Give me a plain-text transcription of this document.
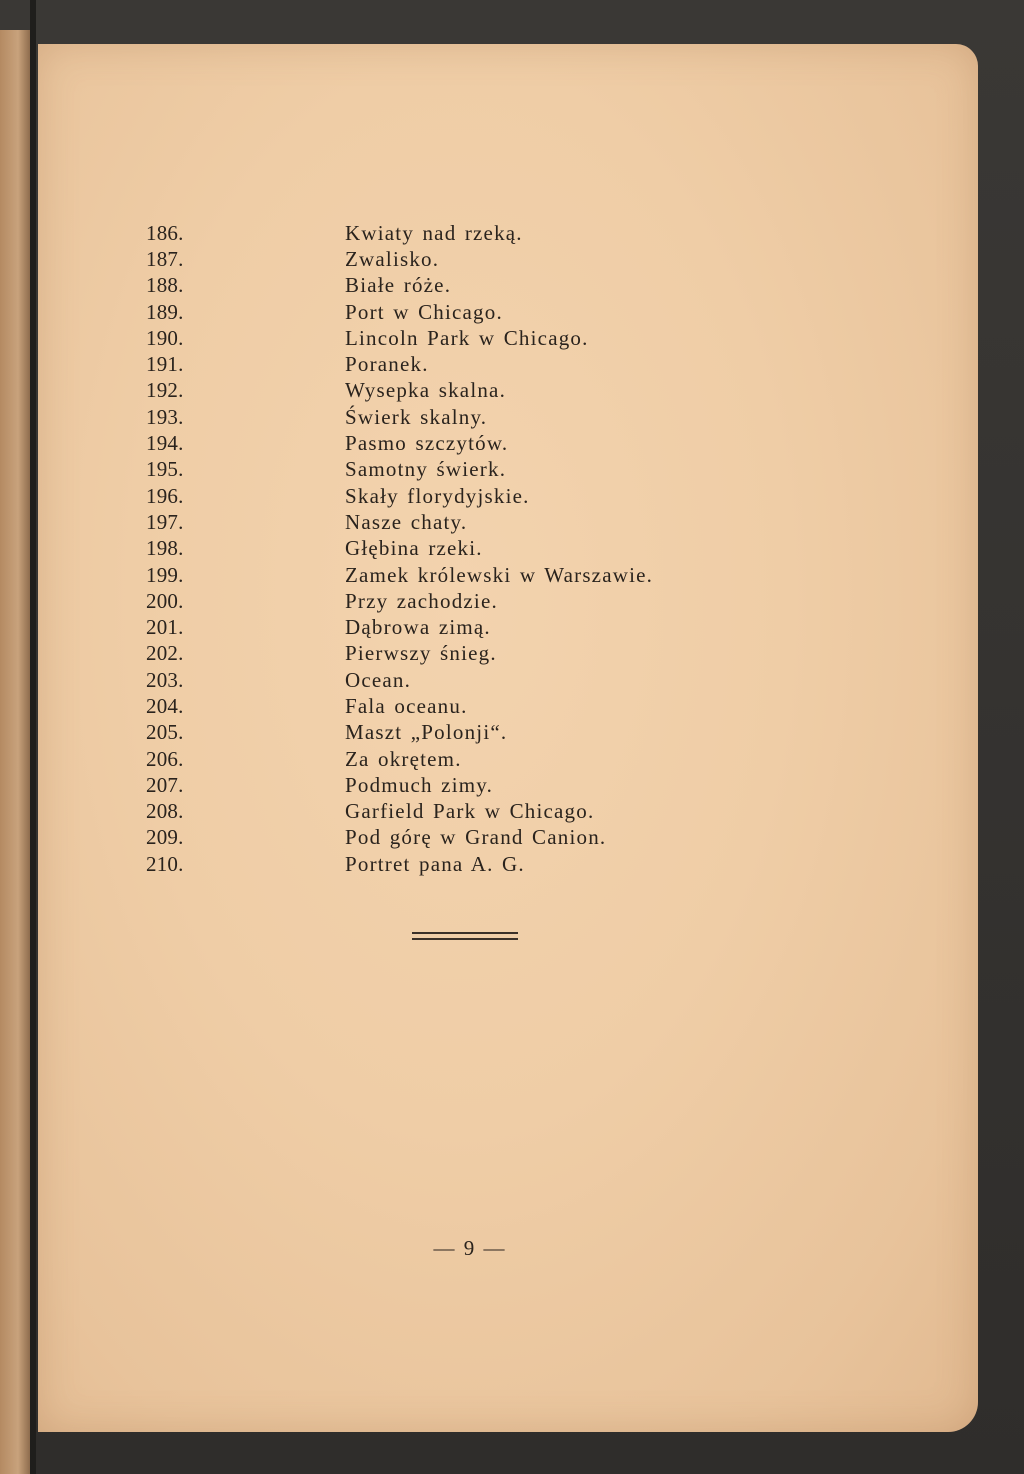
186.	Kwiaty nad rzeką.
187.	Zwalisko.
188.	Białe róże.
189.	Port w Chicago.
190.	Lincoln Park w Chicago.
191.	Poranek.
192.	Wysepka skalna.
193.	Świerk skalny.
194.	Pasmo szczytów.
195.	Samotny świerk.
196.	Skały florydyjskie.
197.	Nasze chaty.
198.	Głębina rzeki.
199.	Zamek królewski w Warszawie.
200.	Przy zachodzie.
201.	Dąbrowa zimą.
202.	Pierwszy śnieg.
203.	Ocean.
204.	Fala oceanu.
205.	Maszt „Polonji“.
206.	Za okrętem.
207.	Podmuch zimy.
208.	Garfield Park w Chicago.
209.	Pod górę w Grand Canion.
210.	Portret pana A. G.
— 9 —
